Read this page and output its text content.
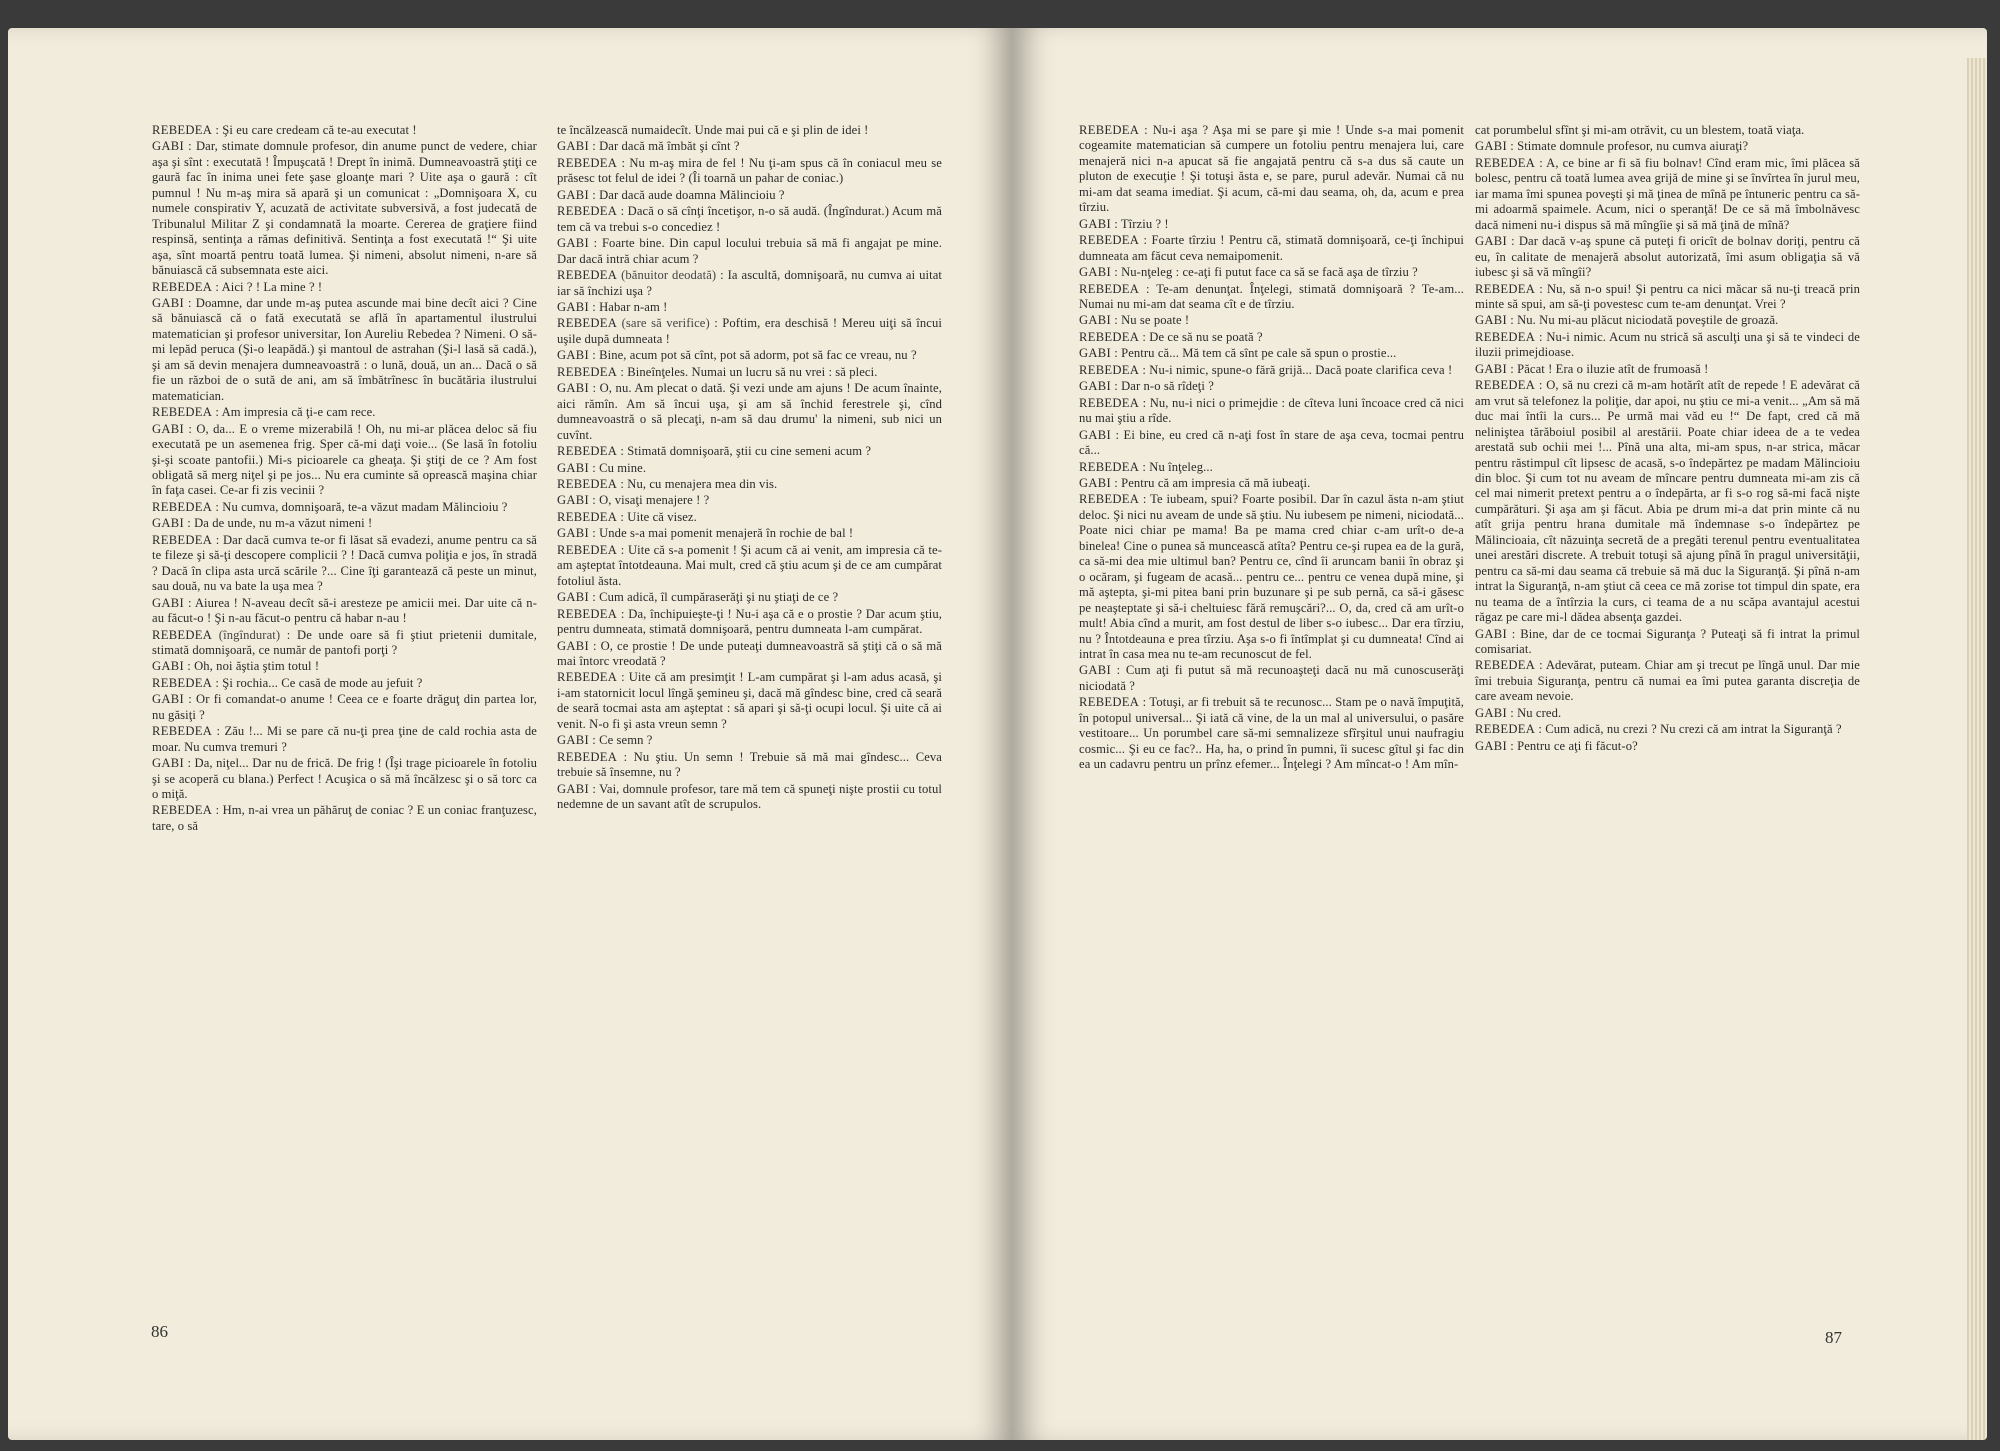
REBEDEA : Şi eu care credeam că te-au executat !

GABI : Dar, stimate domnule profesor, din anume punct de vedere, chiar aşa şi sînt : executată ! Împuşcată ! Drept în inimă. Dumneavoastră ştiţi ce gaură fac în inima unei fete şase gloanţe mari ? Uite aşa o gaură : cît pumnul ! Nu m-aş mira să apară şi un comunicat : „Domnişoara X, cu numele conspirativ Y, acuzată de activitate subversivă, a fost judecată de Tribunalul Militar Z şi condamnată la moarte. Cererea de graţiere fiind respinsă, sentinţa a rămas definitivă. Sentinţa a fost executată !“ Şi uite aşa, sînt moartă pentru toată lumea. Şi nimeni, absolut nimeni, n-are să bănuiască că subsemnata este aici.

REBEDEA : Aici ? ! La mine ? !

GABI : Doamne, dar unde m-aş putea ascunde mai bine decît aici ? Cine să bănuiască că o fată executată se află în apartamentul ilustrului matematician şi profesor universitar, Ion Aureliu Rebedea ? Nimeni. O să-mi lepăd peruca (Şi-o leapădă.) şi mantoul de astrahan (Şi-l lasă să cadă.), şi am să devin menajera dumneavoastră : o lună, două, un an... Dacă o să fie un război de o sută de ani, am să îmbătrînesc în bucătăria ilustrului matematician.

REBEDEA : Am impresia că ţi-e cam rece.

GABI : O, da... E o vreme mizerabilă ! Oh, nu mi-ar plăcea deloc să fiu executată pe un asemenea frig. Sper că-mi daţi voie... (Se lasă în fotoliu şi-şi scoate pantofii.) Mi-s picioarele ca gheaţa. Şi ştiţi de ce ? Am fost obligată să merg niţel şi pe jos... Nu era cuminte să oprească maşina chiar în faţa casei. Ce-ar fi zis vecinii ?

REBEDEA : Nu cumva, domnişoară, te-a văzut madam Mălincioiu ?

GABI : Da de unde, nu m-a văzut nimeni !

REBEDEA : Dar dacă cumva te-or fi lăsat să evadezi, anume pentru ca să te fileze şi să-ţi descopere complicii ? ! Dacă cumva poliţia e jos, în stradă ? Dacă în clipa asta urcă scările ?... Cine îţi garantează că peste un minut, sau două, nu va bate la uşa mea ?

GABI : Aiurea ! N-aveau decît să-i aresteze pe amicii mei. Dar uite că n-au făcut-o ! Şi n-au făcut-o pentru că habar n-au !

REBEDEA (îngîndurat) : De unde oare să fi ştiut prietenii dumitale, stimată domnişoară, ce număr de pantofi porţi ?

GABI : Oh, noi ăştia ştim totul !

REBEDEA : Şi rochia... Ce casă de mode au jefuit ?

GABI : Or fi comandat-o anume ! Ceea ce e foarte drăguţ din partea lor, nu găsiţi ?

REBEDEA : Zău !... Mi se pare că nu-ţi prea ţine de cald rochia asta de moar. Nu cumva tremuri ?

GABI : Da, niţel... Dar nu de frică. De frig ! (Îşi trage picioarele în fotoliu şi se acoperă cu blana.) Perfect ! Acuşica o să mă încălzesc şi o să torc ca o miţă.

REBEDEA : Hm, n-ai vrea un păhăruţ de coniac ? E un coniac franţuzesc, tare, o să

te încălzească numaidecît. Unde mai pui că e şi plin de idei !

GABI : Dar dacă mă îmbăt şi cînt ?

REBEDEA : Nu m-aş mira de fel ! Nu ţi-am spus că în coniacul meu se prăsesc tot felul de idei ? (Îi toarnă un pahar de coniac.)

GABI : Dar dacă aude doamna Mălincioiu ?

REBEDEA : Dacă o să cînţi încetişor, n-o să audă. (Îngîndurat.) Acum mă tem că va trebui s-o concediez !

GABI : Foarte bine. Din capul locului trebuia să mă fi angajat pe mine. Dar dacă intră chiar acum ?

REBEDEA (bănuitor deodată) : Ia ascultă, domnişoară, nu cumva ai uitat iar să închizi uşa ?

GABI : Habar n-am !

REBEDEA (sare să verifice) : Poftim, era deschisă ! Mereu uiţi să încui uşile după dumneata !

GABI : Bine, acum pot să cînt, pot să adorm, pot să fac ce vreau, nu ?

REBEDEA : Bineînţeles. Numai un lucru să nu vrei : să pleci.

GABI : O, nu. Am plecat o dată. Şi vezi unde am ajuns ! De acum înainte, aici rămîn. Am să încui uşa, şi am să închid ferestrele şi, cînd dumneavoastră o să plecaţi, n-am să dau drumu' la nimeni, sub nici un cuvînt.

REBEDEA : Stimată domnişoară, ştii cu cine semeni acum ?

GABI : Cu mine.

REBEDEA : Nu, cu menajera mea din vis.

GABI : O, visaţi menajere ! ?

REBEDEA : Uite că visez.

GABI : Unde s-a mai pomenit menajeră în rochie de bal !

REBEDEA : Uite că s-a pomenit ! Şi acum că ai venit, am impresia că te-am aşteptat întotdeauna. Mai mult, cred că ştiu acum şi de ce am cumpărat fotoliul ăsta.

GABI : Cum adică, îl cumpăraserăţi şi nu ştiaţi de ce ?

REBEDEA : Da, închipuieşte-ţi ! Nu-i aşa că e o prostie ? Dar acum ştiu, pentru dumneata, stimată domnişoară, pentru dumneata l-am cumpărat.

GABI : O, ce prostie ! De unde puteaţi dumneavoastră să ştiţi că o să mă mai întorc vreodată ?

REBEDEA : Uite că am presimţit ! L-am cumpărat şi l-am adus acasă, şi i-am statornicit locul lîngă şemineu şi, dacă mă gîndesc bine, cred că seară de seară tocmai asta am aşteptat : să apari şi să-ţi ocupi locul. Şi uite că ai venit. N-o fi şi asta vreun semn ?

GABI : Ce semn ?

REBEDEA : Nu ştiu. Un semn ! Trebuie să mă mai gîndesc... Ceva trebuie să însemne, nu ?

GABI : Vai, domnule profesor, tare mă tem că spuneţi nişte prostii cu totul nedemne de un savant atît de scrupulos.

86

REBEDEA : Nu-i aşa ? Aşa mi se pare şi mie ! Unde s-a mai pomenit cogeamite matematician să cumpere un fotoliu pentru menajera lui, care menajeră nici n-a apucat să fie angajată pentru că s-a dus să caute un pluton de execuţie ! Şi totuşi ăsta e, se pare, purul adevăr. Numai că nu mi-am dat seama imediat. Şi acum, că-mi dau seama, oh, da, acum e prea tîrziu.

GABI : Tîrziu ? !

REBEDEA : Foarte tîrziu ! Pentru că, stimată domnişoară, ce-ţi închipui dumneata am făcut ceva nemaipomenit.

GABI : Nu-nţeleg : ce-aţi fi putut face ca să se facă aşa de tîrziu ?

REBEDEA : Te-am denunţat. Înţelegi, stimată domnişoară ? Te-am... Numai nu mi-am dat seama cît e de tîrziu.

GABI : Nu se poate !

REBEDEA : De ce să nu se poată ?

GABI : Pentru că... Mă tem că sînt pe cale să spun o prostie...

REBEDEA : Nu-i nimic, spune-o fără grijă... Dacă poate clarifica ceva !

GABI : Dar n-o să rîdeţi ?

REBEDEA : Nu, nu-i nici o primejdie : de cîteva luni încoace cred că nici nu mai ştiu a rîde.

GABI : Ei bine, eu cred că n-aţi fost în stare de aşa ceva, tocmai pentru că...

REBEDEA : Nu înţeleg...

GABI : Pentru că am impresia că mă iubeaţi.

REBEDEA : Te iubeam, spui? Foarte posibil. Dar în cazul ăsta n-am ştiut deloc. Şi nici nu aveam de unde să ştiu. Nu iubesem pe nimeni, niciodată... Poate nici chiar pe mama! Ba pe mama cred chiar c-am urît-o de-a binelea! Cine o punea să muncească atîta? Pentru ce-şi rupea ea de la gură, ca să-mi dea mie ultimul ban? Pentru ce, cînd îi aruncam banii în obraz şi o ocăram, şi fugeam de acasă... pentru ce... pentru ce venea după mine, şi mă aştepta, şi-mi pitea bani prin buzunare şi pe sub pernă, ca să-i găsesc pe neaşteptate şi să-i cheltuiesc fără remuşcări?... O, da, cred că am urît-o mult! Abia cînd a murit, am fost destul de liber s-o iubesc... Dar era tîrziu, nu ? Întotdeauna e prea tîrziu. Aşa s-o fi întîmplat şi cu dumneata! Cînd ai intrat în casa mea nu te-am recunoscut de fel.

GABI : Cum aţi fi putut să mă recunoaşteţi dacă nu mă cunoscuserăţi niciodată ?

REBEDEA : Totuşi, ar fi trebuit să te recunosc... Stam pe o navă împuţită, în potopul universal... Şi iată că vine, de la un mal al universului, o pasăre vestitoare... Un porumbel care să-mi semnalizeze sfîrşitul unui naufragiu cosmic... Şi eu ce fac?.. Ha, ha, o prind în pumni, îi sucesc gîtul şi fac din ea un cadavru pentru un prînz efemer... Înţelegi ? Am mîncat-o ! Am mîn-

cat porumbelul sfînt şi mi-am otrăvit, cu un blestem, toată viaţa.

GABI : Stimate domnule profesor, nu cumva aiuraţi?

REBEDEA : A, ce bine ar fi să fiu bolnav! Cînd eram mic, îmi plăcea să bolesc, pentru că toată lumea avea grijă de mine şi se învîrtea în jurul meu, iar mama îmi spunea poveşti şi mă ţinea de mînă pe întuneric pentru ca să-mi adoarmă spaimele. Acum, nici o speranţă! De ce să mă îmbolnăvesc dacă nimeni nu-i dispus să mă mîngîie şi să mă ţină de mînă?

GABI : Dar dacă v-aş spune că puteţi fi oricît de bolnav doriţi, pentru că eu, în calitate de menajeră absolut autorizată, îmi asum obligaţia să vă iubesc şi să vă mîngîi?

REBEDEA : Nu, să n-o spui! Şi pentru ca nici măcar să nu-ţi treacă prin minte să spui, am să-ţi povestesc cum te-am denunţat. Vrei ?

GABI : Nu. Nu mi-au plăcut niciodată poveştile de groază.

REBEDEA : Nu-i nimic. Acum nu strică să asculţi una şi să te vindeci de iluzii primejdioase.

GABI : Păcat ! Era o iluzie atît de frumoasă !

REBEDEA : O, să nu crezi că m-am hotărît atît de repede ! E adevărat că am vrut să telefonez la poliţie, dar apoi, nu ştiu ce mi-a venit... „Am să mă duc mai întîi la curs... Pe urmă mai văd eu !“ De fapt, cred că mă neliniştea tărăboiul posibil al arestării. Poate chiar ideea de a te vedea arestată sub ochii mei !... Pînă una alta, mi-am spus, n-ar strica, măcar pentru răstimpul cît lipsesc de acasă, s-o îndepărtez pe madam Mălincioiu din bloc. Şi cum tot nu aveam de mîncare pentru dumneata mi-am zis că cel mai nimerit pretext pentru a o îndepărta, ar fi s-o rog să-mi facă nişte cumpărături. Şi aşa am şi făcut. Abia pe drum mi-a dat prin minte că nu atît grija pentru hrana dumitale mă îndemnase s-o îndepărtez pe Mălincioaia, cît năzuinţa secretă de a pregăti terenul pentru eventualitatea unei arestări discrete. A trebuit totuşi să ajung pînă în pragul universităţii, pentru ca să-mi dau seama că trebuie să mă duc la Siguranţă. Şi pînă n-am intrat la Siguranţă, n-am ştiut că ceea ce mă zorise tot timpul din spate, era nu teama de a întîrzia la curs, ci teama de a nu scăpa avantajul acestui răgaz pe care mi-l dădea absenţa gazdei.

GABI : Bine, dar de ce tocmai Siguranţa ? Puteaţi să fi intrat la primul comisariat.

REBEDEA : Adevărat, puteam. Chiar am şi trecut pe lîngă unul. Dar mie îmi trebuia Siguranţa, pentru că numai ea îmi putea garanta discreţia de care aveam nevoie.

GABI : Nu cred.

REBEDEA : Cum adică, nu crezi ? Nu crezi că am intrat la Siguranţă ?

GABI : Pentru ce aţi fi făcut-o?

87
